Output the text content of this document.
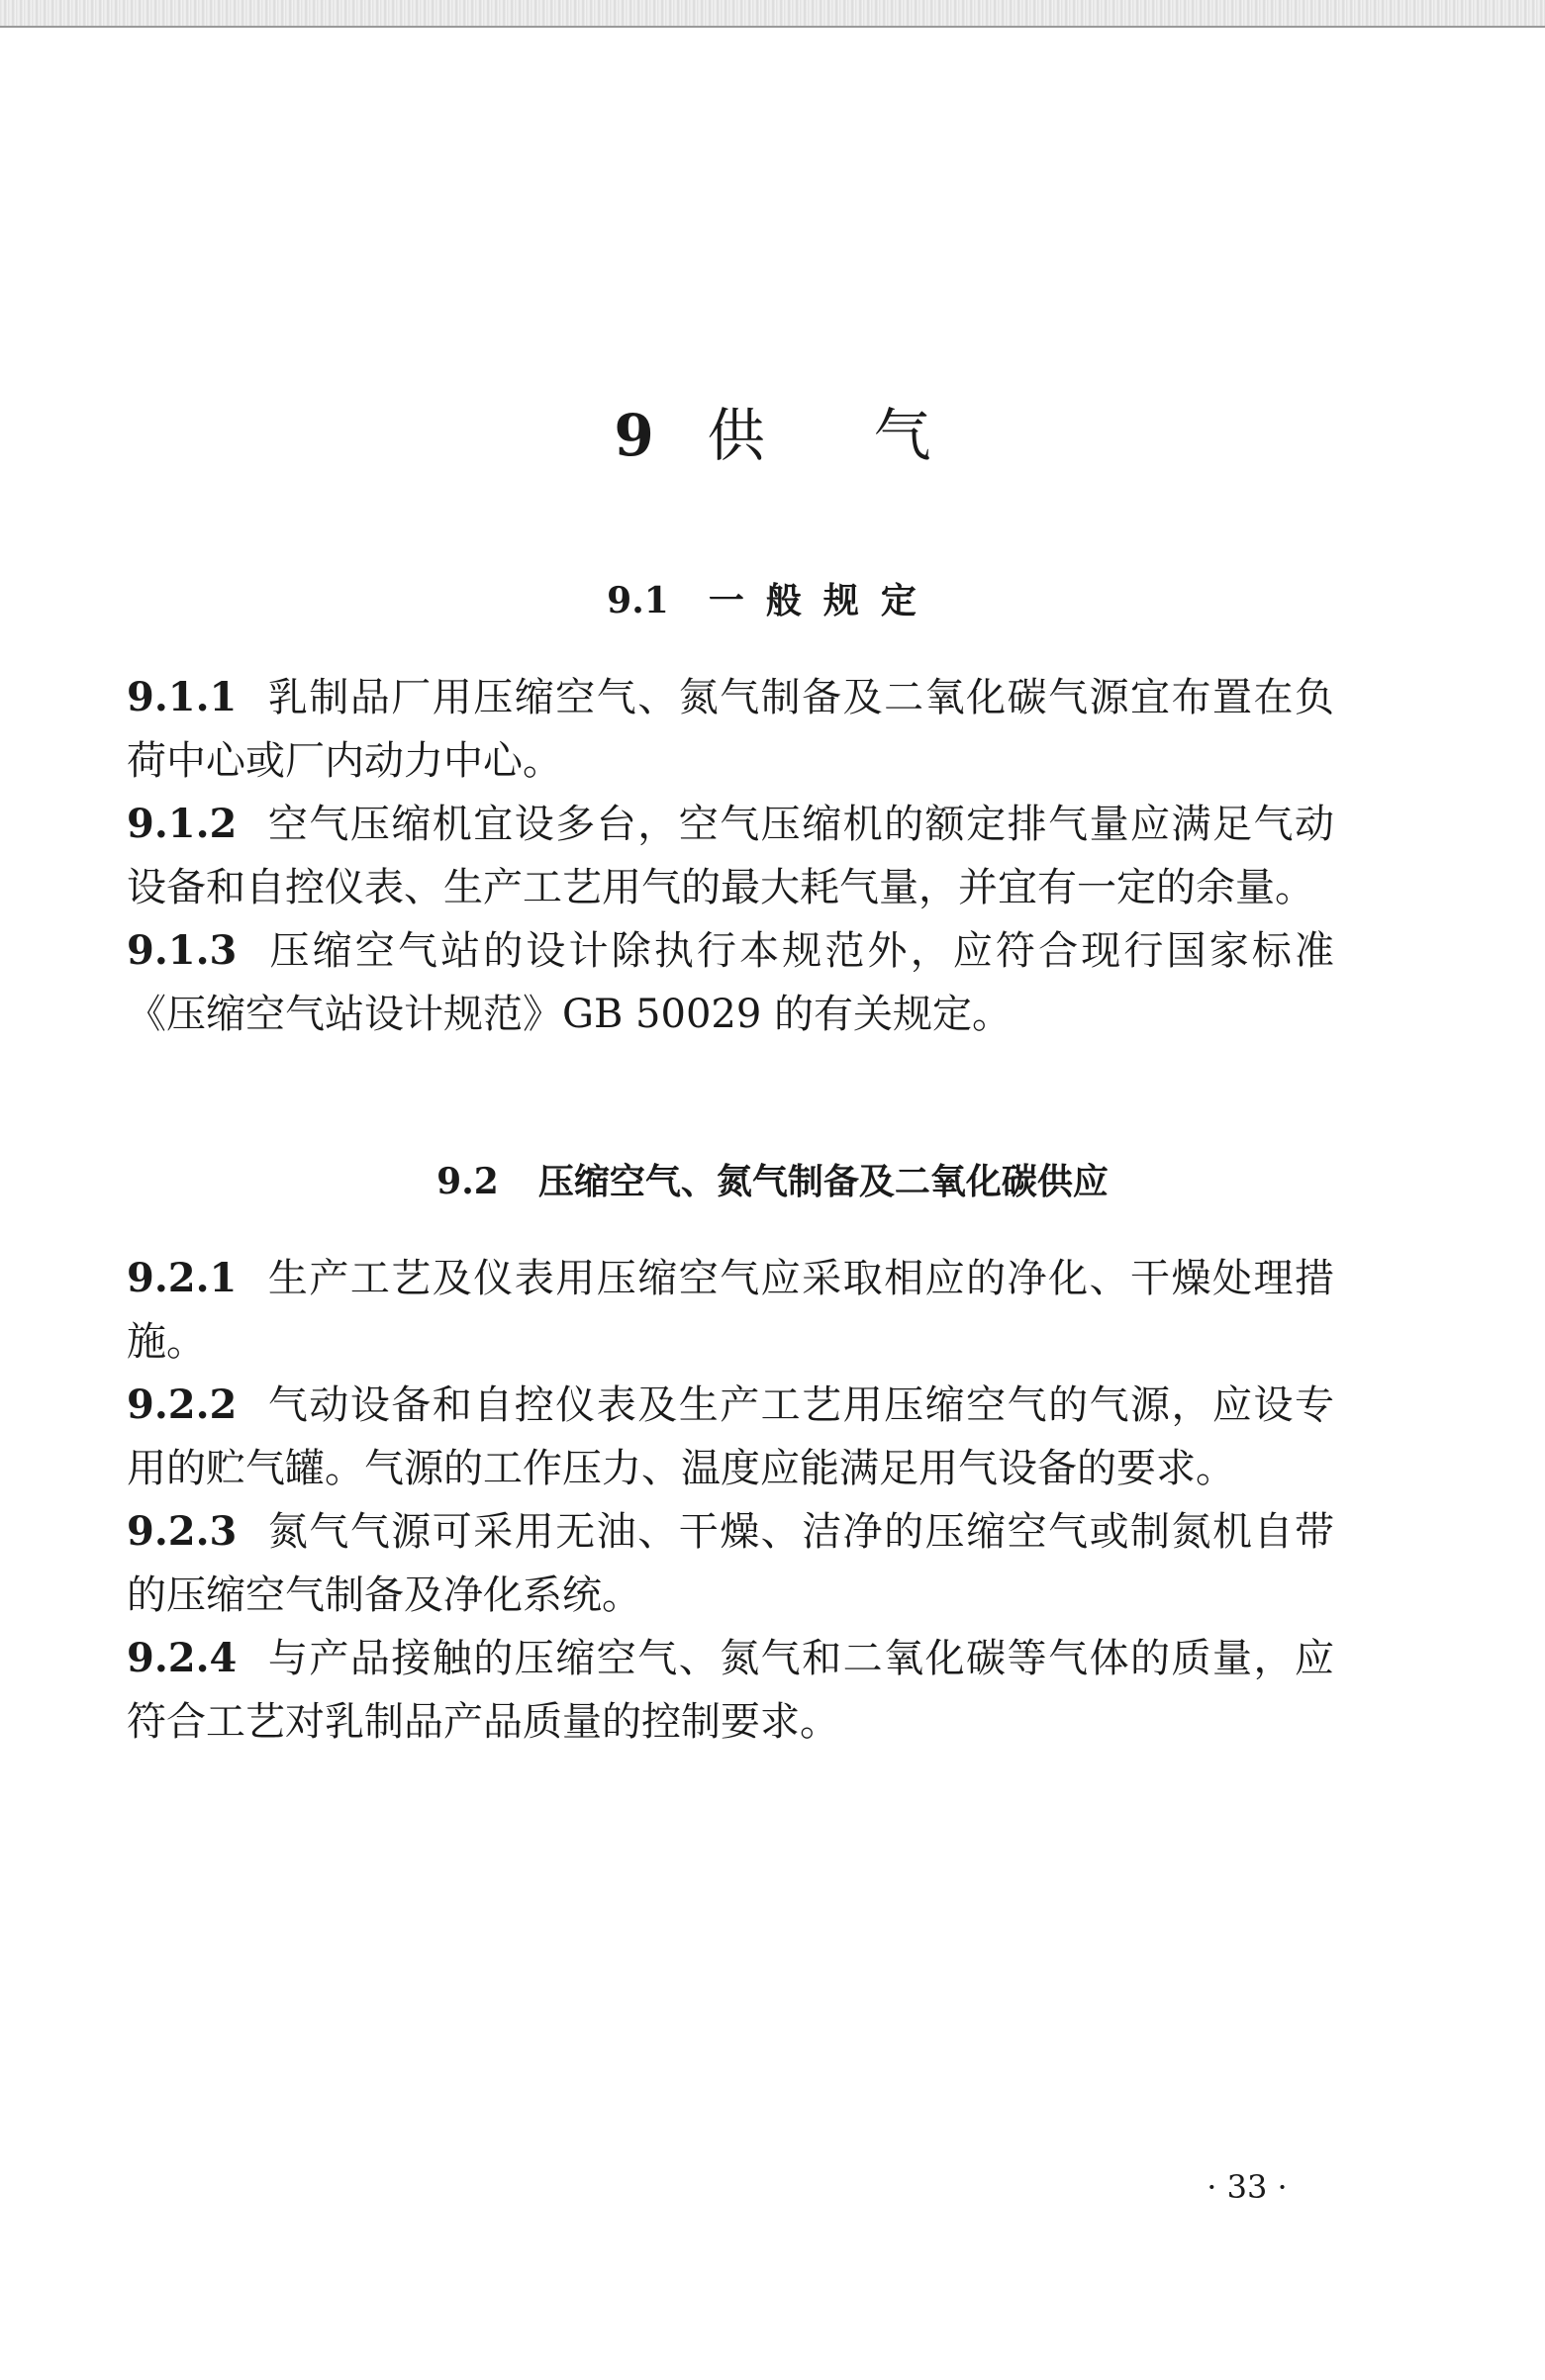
9 供气
9.1 一般规定

9.1.1 乳制品厂用压缩空气、氮气制备及二氧化碳气源宜布置在负荷中心或厂内动力中心。

9.1.2 空气压缩机宜设多台，空气压缩机的额定排气量应满足气动设备和自控仪表、生产工艺用气的最大耗气量，并宜有一定的余量。

9.1.3 压缩空气站的设计除执行本规范外，应符合现行国家标准《压缩空气站设计规范》GB 50029 的有关规定。

9.2 压缩空气、氮气制备及二氧化碳供应

9.2.1 生产工艺及仪表用压缩空气应采取相应的净化、干燥处理措施。

9.2.2 气动设备和自控仪表及生产工艺用压缩空气的气源，应设专用的贮气罐。气源的工作压力、温度应能满足用气设备的要求。

9.2.3 氮气气源可采用无油、干燥、洁净的压缩空气或制氮机自带的压缩空气制备及净化系统。

9.2.4 与产品接触的压缩空气、氮气和二氧化碳等气体的质量，应符合工艺对乳制品产品质量的控制要求。

· 33 ·
